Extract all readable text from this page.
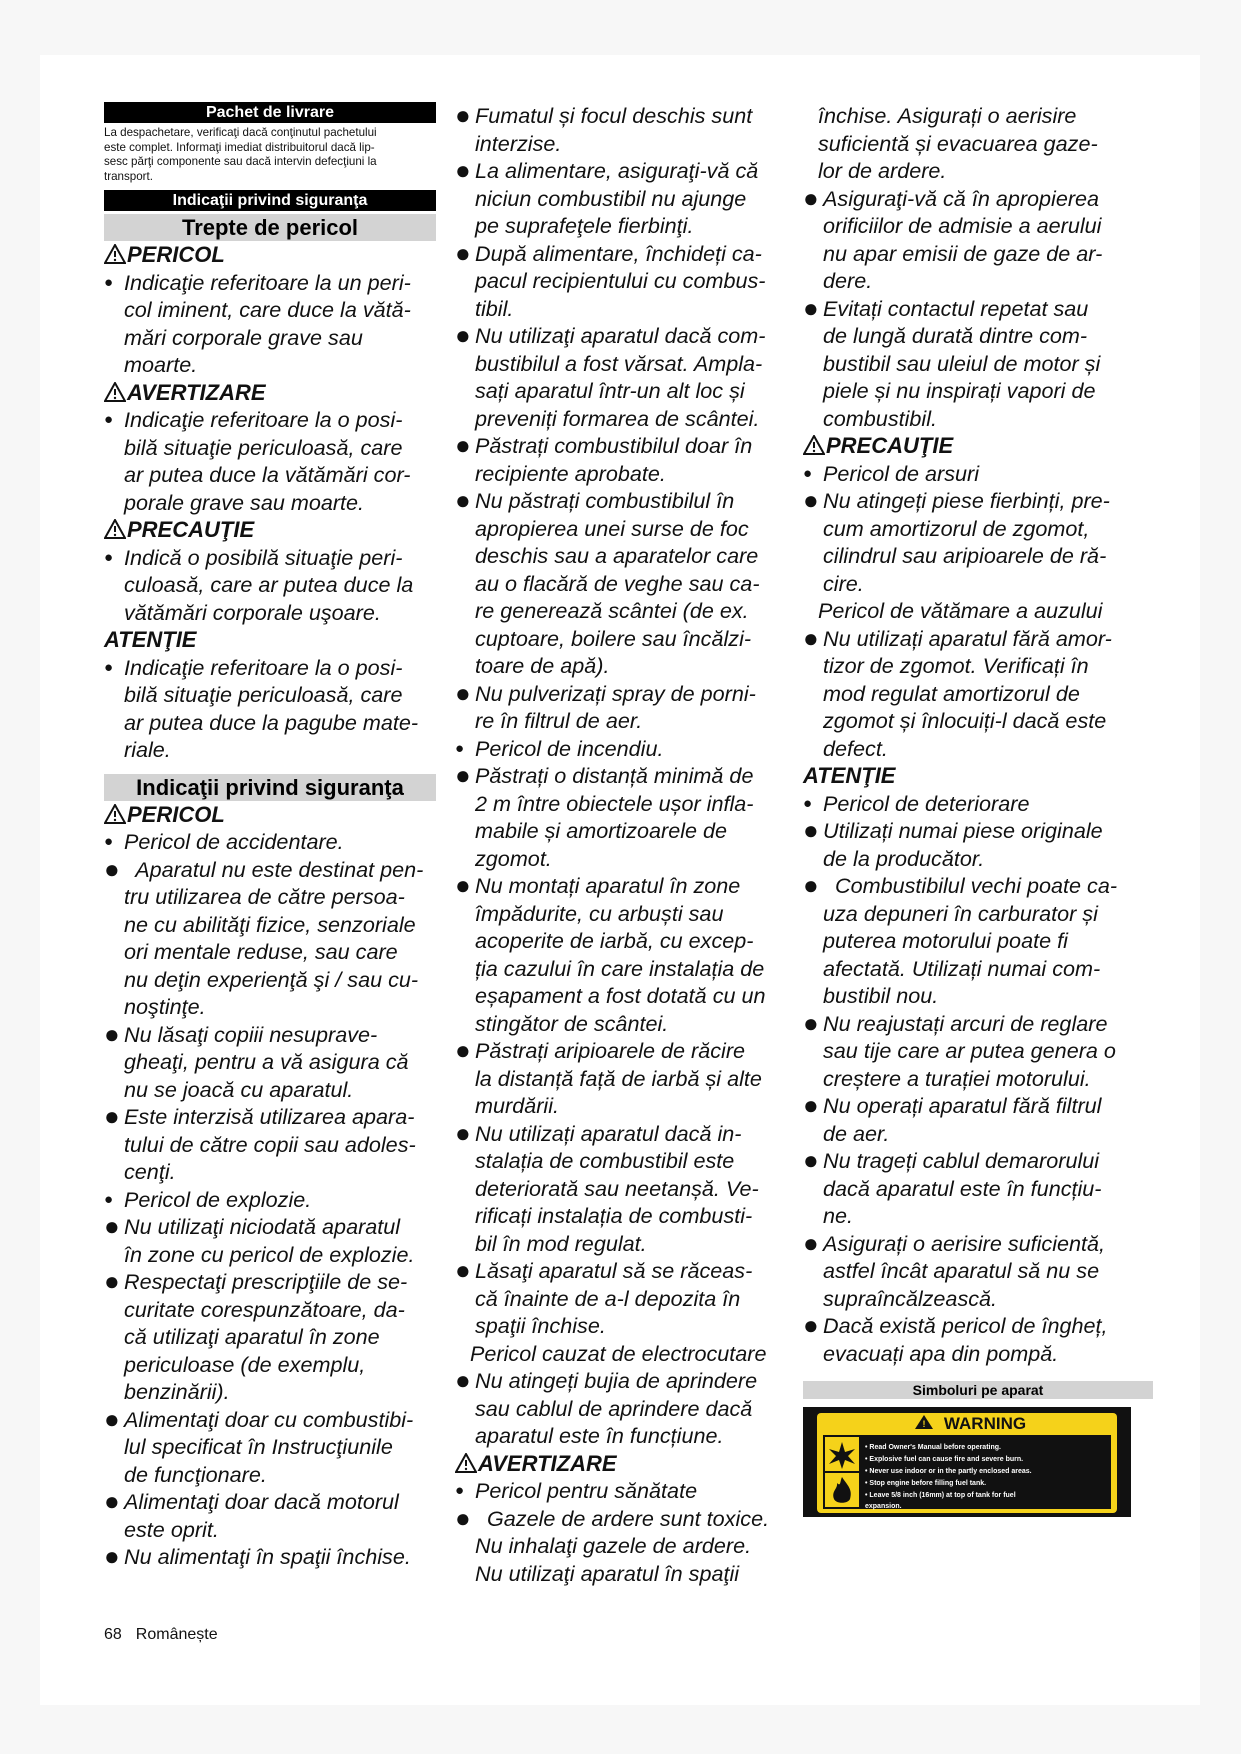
Pachet de livrare
La despachetare, verificaţi dacă conţinutul pachetului
este complet. Informaţi imediat distribuitorul dacă lip-
sesc părţi componente sau dacă intervin defecţiuni la
transport.
Indicaţii privind siguranţa
Trepte de pericol
PERICOL
● Indicaţie referitoare la un peri-
col iminent, care duce la vătă-
mări corporale grave sau
moarte.
AVERTIZARE
● Indicaţie referitoare la o posi-
bilă situaţie periculoasă, care
ar putea duce la vătămări cor-
porale grave sau moarte.
PRECAUŢIE
● Indică o posibilă situaţie peri-
culoasă, care ar putea duce la
vătămări corporale uşoare.
ATENŢIE
● Indicaţie referitoare la o posi-
bilă situaţie periculoasă, care
ar putea duce la pagube mate-
riale.
Indicaţii privind siguranţa
PERICOL
● Pericol de accidentare.
● Aparatul nu este destinat pen-
tru utilizarea de către persoa-
ne cu abilităţi fizice, senzoriale
ori mentale reduse, sau care
nu deţin experienţă şi / sau cu-
noştinţe.
● Nu lăsaţi copiii nesuprave-
gheaţi, pentru a vă asigura că
nu se joacă cu aparatul.
● Este interzisă utilizarea apara-
tului de către copii sau adoles-
cenţi.
● Pericol de explozie.
● Nu utilizaţi niciodată aparatul
în zone cu pericol de explozie.
● Respectaţi prescripţiile de se-
curitate corespunzătoare, da-
că utilizaţi aparatul în zone
periculoase (de exemplu,
benzinării).
● Alimentaţi doar cu combustibi-
lul specificat în Instrucţiunile
de funcţionare.
● Alimentaţi doar dacă motorul
este oprit.
● Nu alimentaţi în spaţii închise.
● Fumatul și focul deschis sunt
interzise.
● La alimentare, asiguraţi-vă că
niciun combustibil nu ajunge
pe suprafeţele fierbinţi.
● După alimentare, închideți ca-
pacul recipientului cu combus-
tibil.
● Nu utilizaţi aparatul dacă com-
bustibilul a fost vărsat. Ampla-
sați aparatul într-un alt loc și
preveniți formarea de scântei.
● Păstrați combustibilul doar în
recipiente aprobate.
● Nu păstrați combustibilul în
apropierea unei surse de foc
deschis sau a aparatelor care
au o flacără de veghe sau ca-
re generează scântei (de ex.
cuptoare, boilere sau încălzi-
toare de apă).
● Nu pulverizați spray de porni-
re în filtrul de aer.
● Pericol de incendiu.
● Păstrați o distanță minimă de
2 m între obiectele ușor infla-
mabile și amortizoarele de
zgomot.
● Nu montați aparatul în zone
împădurite, cu arbuști sau
acoperite de iarbă, cu excep-
ția cazului în care instalația de
eșapament a fost dotată cu un
stingător de scântei.
● Păstrați aripioarele de răcire
la distanță față de iarbă și alte
murdării.
● Nu utilizați aparatul dacă in-
stalația de combustibil este
deteriorată sau neetanșă. Ve-
rificați instalația de combusti-
bil în mod regulat.
● Lăsaţi aparatul să se răceas-
că înainte de a-l depozita în
spaţii închise.
Pericol cauzat de electrocutare
● Nu atingeți bujia de aprindere
sau cablul de aprindere dacă
aparatul este în funcțiune.
AVERTIZARE
● Pericol pentru sănătate
● Gazele de ardere sunt toxice.
Nu inhalaţi gazele de ardere.
Nu utilizaţi aparatul în spaţii
închise. Asigurați o aerisire
suficientă și evacuarea gaze-
lor de ardere.
● Asiguraţi-vă că în apropierea
orificiilor de admisie a aerului
nu apar emisii de gaze de ar-
dere.
● Evitați contactul repetat sau
de lungă durată dintre com-
bustibil sau uleiul de motor și
piele și nu inspirați vapori de
combustibil.
PRECAUŢIE
● Pericol de arsuri
● Nu atingeți piese fierbinți, pre-
cum amortizorul de zgomot,
cilindrul sau aripioarele de ră-
cire.
Pericol de vătămare a auzului
● Nu utilizați aparatul fără amor-
tizor de zgomot. Verificați în
mod regulat amortizorul de
zgomot și înlocuiți-l dacă este
defect.
ATENŢIE
● Pericol de deteriorare
● Utilizați numai piese originale
de la producător.
● Combustibilul vechi poate ca-
uza depuneri în carburator și
puterea motorului poate fi
afectată. Utilizați numai com-
bustibil nou.
● Nu reajustați arcuri de reglare
sau tije care ar putea genera o
creștere a turației motorului.
● Nu operați aparatul fără filtrul
de aer.
● Nu trageți cablul demarorului
dacă aparatul este în funcțiu-
ne.
● Asigurați o aerisire suficientă,
astfel încât aparatul să nu se
supraîncălzească.
● Dacă există pericol de îngheț,
evacuați apa din pompă.
Simboluri pe aparat
! WARNING
• Read Owner's Manual before operating.
• Explosive fuel can cause fire and severe burn.
• Never use indoor or in the partly enclosed areas.
• Stop engine before filling fuel tank.
• Leave 5/8 inch (16mm) at top of tank for fuel
expansion.
68 Românește
